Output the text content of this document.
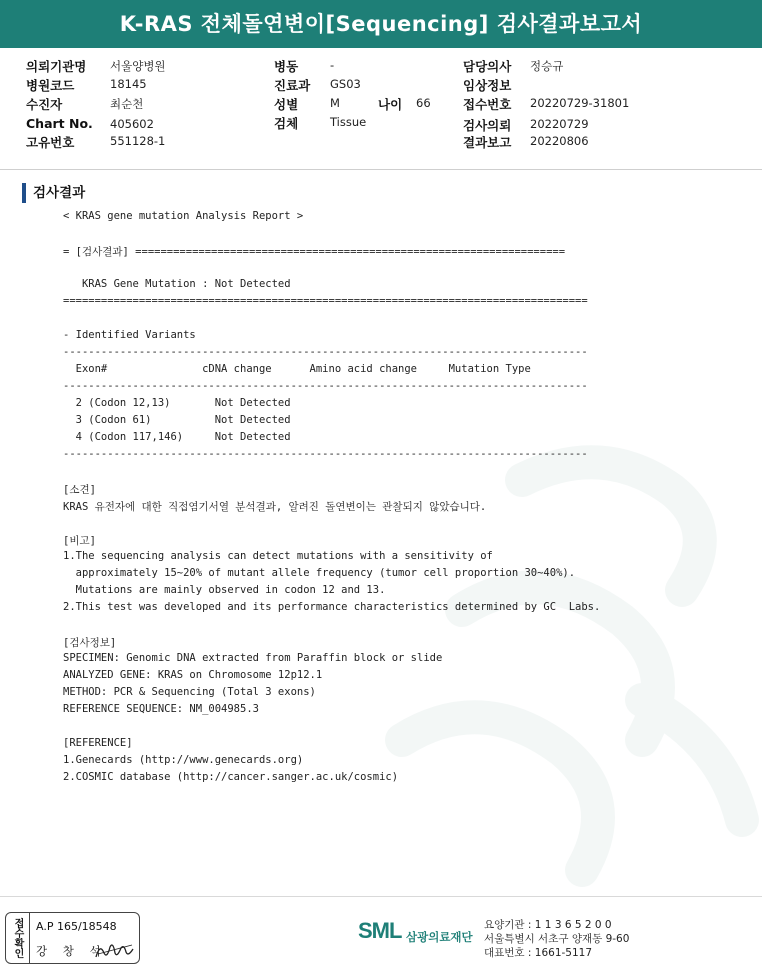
K-RAS 전체돌연변이[Sequencing] 검사결과보고서
의뢰기관명 서울양병원
병원코드	18145
수진자	최순천
Chart No. 405602
고유번호	551128-1
병동	-
진료과 GS03
성별	M	나이 66
검체	Tissue
담당의사 정승규
임상정보
접수번호 20220729-31801
검사의뢰 20220729
결과보고 20220806
검사결과
< KRAS gene mutation Analysis Report >
= [검사결과] ====================================================================
KRAS Gene Mutation : Not Detected
===================================================================================
- Identified Variants
-----------------------------------------------------------------------------------
Exon#               cDNA change      Amino acid change     Mutation Type
-----------------------------------------------------------------------------------
2 (Codon 12,13)       Not Detected
3 (Codon 61)          Not Detected
4 (Codon 117,146)     Not Detected
-----------------------------------------------------------------------------------
[소견]
KRAS 유전자에 대한 직접염기서열 분석결과, 알려진 돌연변이는 관찰되지 않았습니다.
[비고]
1.The sequencing analysis can detect mutations with a sensitivity of
approximately 15~20% of mutant allele frequency (tumor cell proportion 30~40%).
Mutations are mainly observed in codon 12 and 13.
2.This test was developed and its performance characteristics determined by GC  Labs.
[검사정보]
SPECIMEN: Genomic DNA extracted from Paraffin block or slide
ANALYZED GENE: KRAS on Chromosome 12p12.1
METHOD: PCR & Sequencing (Total 3 exons)
REFERENCE SEQUENCE: NM_004985.3
[REFERENCE]
1.Genecards (http://www.genecards.org)
2.COSMIC database (http://cancer.sanger.ac.uk/cosmic)
접수확인	A.P 165/18548
강 창 석
SML 삼광의료재단
요양기관 : 1 1 3 6 5 2 0 0
서울특별시 서초구 양재동 9-60
대표번호 : 1661-5117
